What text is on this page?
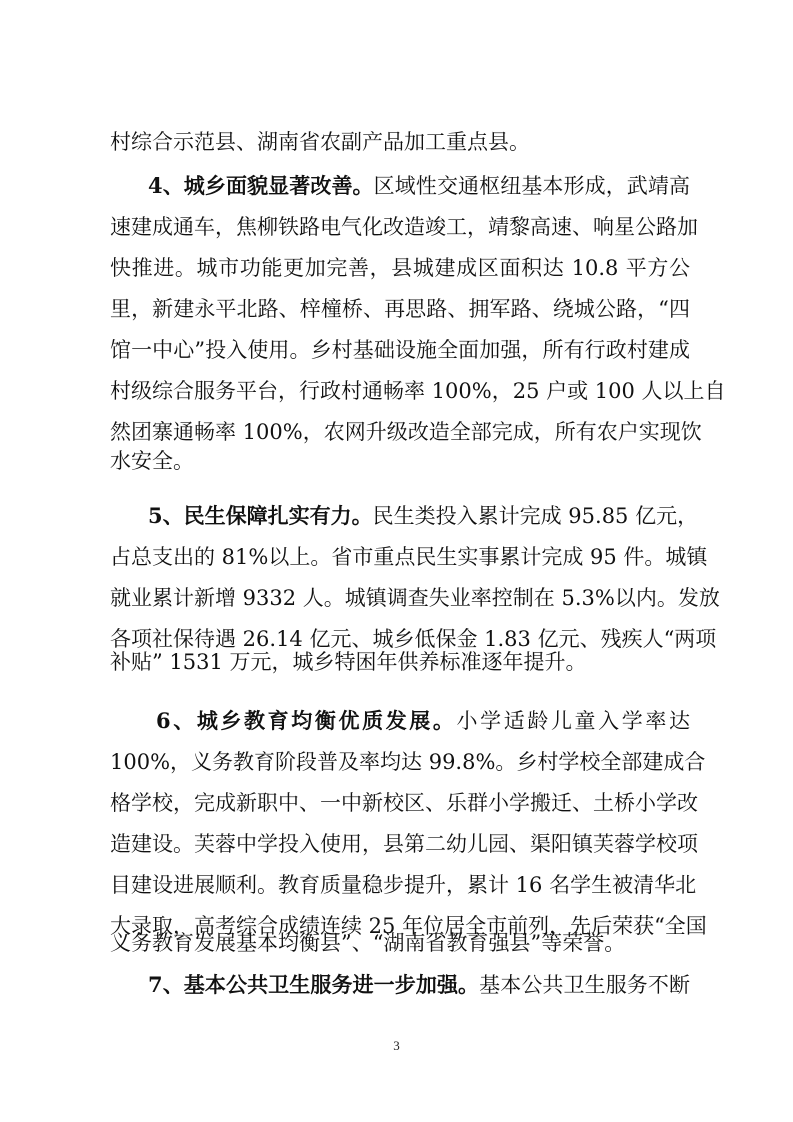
村综合示范县、湖南省农副产品加工重点县。
4、城乡面貌显著改善。区域性交通枢纽基本形成，武靖高
速建成通车，焦柳铁路电气化改造竣工，靖黎高速、响星公路加
快推进。城市功能更加完善，县城建成区面积达 10.8 平方公
里，新建永平北路、梓橦桥、再思路、拥军路、绕城公路，“四
馆一中心”投入使用。乡村基础设施全面加强，所有行政村建成
村级综合服务平台，行政村通畅率 100%，25 户或 100 人以上自
然团寨通畅率 100%，农网升级改造全部完成，所有农户实现饮
水安全。
5、民生保障扎实有力。民生类投入累计完成 95.85 亿元，
占总支出的 81%以上。省市重点民生实事累计完成 95 件。城镇
就业累计新增 9332 人。城镇调查失业率控制在 5.3%以内。发放
各项社保待遇 26.14 亿元、城乡低保金 1.83 亿元、残疾人“两项
补贴” 1531 万元，城乡特困年供养标准逐年提升。
6、城乡教育均衡优质发展。小学适龄儿童入学率达
100%，义务教育阶段普及率均达 99.8%。乡村学校全部建成合
格学校，完成新职中、一中新校区、乐群小学搬迁、土桥小学改
造建设。芙蓉中学投入使用，县第二幼儿园、渠阳镇芙蓉学校项
目建设进展顺利。教育质量稳步提升，累计 16 名学生被清华北
大录取，高考综合成绩连续 25 年位居全市前列，先后荣获“全国
义务教育发展基本均衡县”、“湖南省教育强县”等荣誉。
7、基本公共卫生服务进一步加强。基本公共卫生服务不断
3
